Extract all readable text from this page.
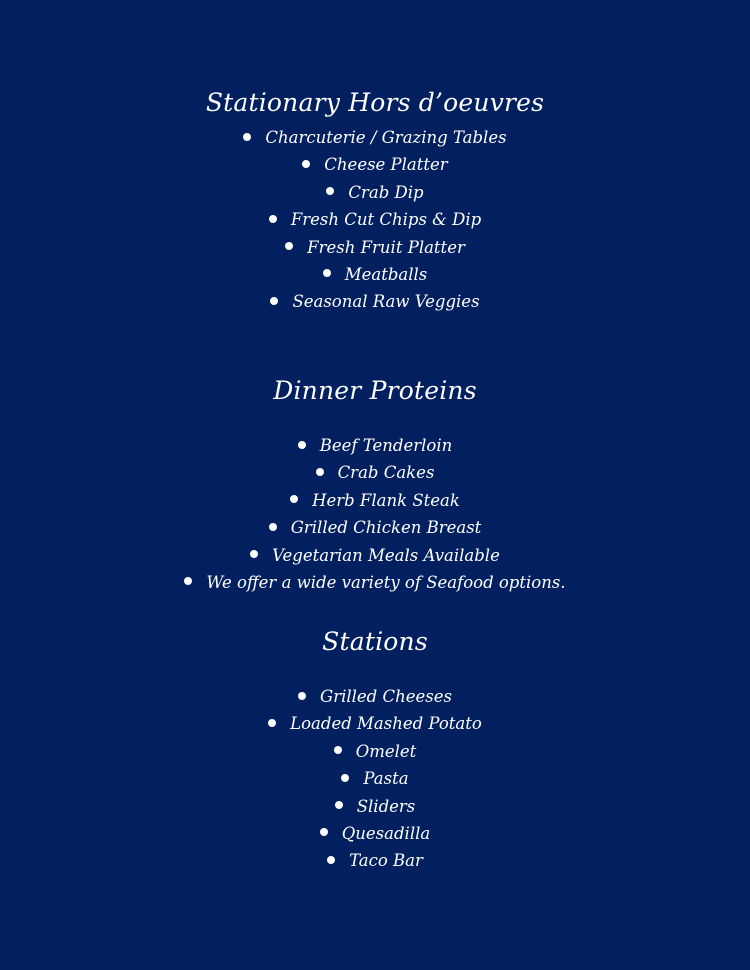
Stationary Hors d’oeuvres
Charcuterie / Grazing Tables
Cheese Platter
Crab Dip
Fresh Cut Chips & Dip
Fresh Fruit Platter
Meatballs
Seasonal Raw Veggies
Dinner Proteins
Beef Tenderloin
Crab Cakes
Herb Flank Steak
Grilled Chicken Breast
Vegetarian Meals Available
We offer a wide variety of Seafood options.
Stations
Grilled Cheeses
Loaded Mashed Potato
Omelet
Pasta
Sliders
Quesadilla
Taco Bar
